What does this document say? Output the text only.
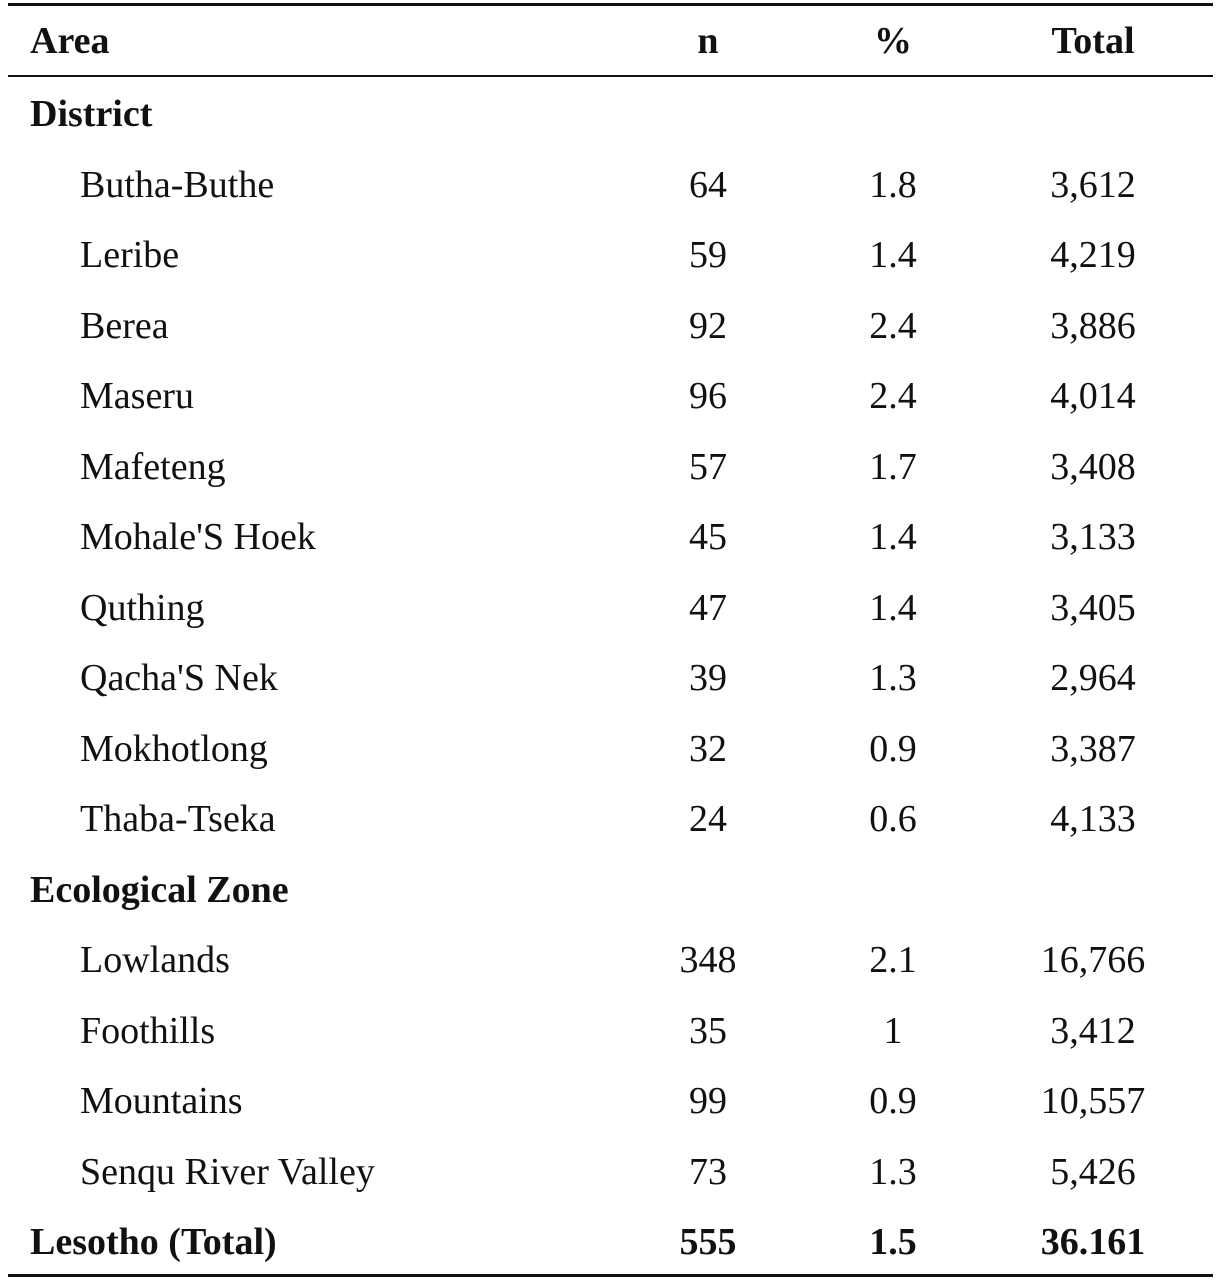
Area	n	%	Total
District
Butha-Buthe	64	1.8	3,612
Leribe	59	1.4	4,219
Berea	92	2.4	3,886
Maseru	96	2.4	4,014
Mafeteng	57	1.7	3,408
Mohale'S Hoek	45	1.4	3,133
Quthing	47	1.4	3,405
Qacha'S Nek	39	1.3	2,964
Mokhotlong	32	0.9	3,387
Thaba-Tseka	24	0.6	4,133
Ecological Zone
Lowlands	348	2.1	16,766
Foothills	35	1	3,412
Mountains	99	0.9	10,557
Senqu River Valley	73	1.3	5,426
Lesotho (Total)	555	1.5	36.161
